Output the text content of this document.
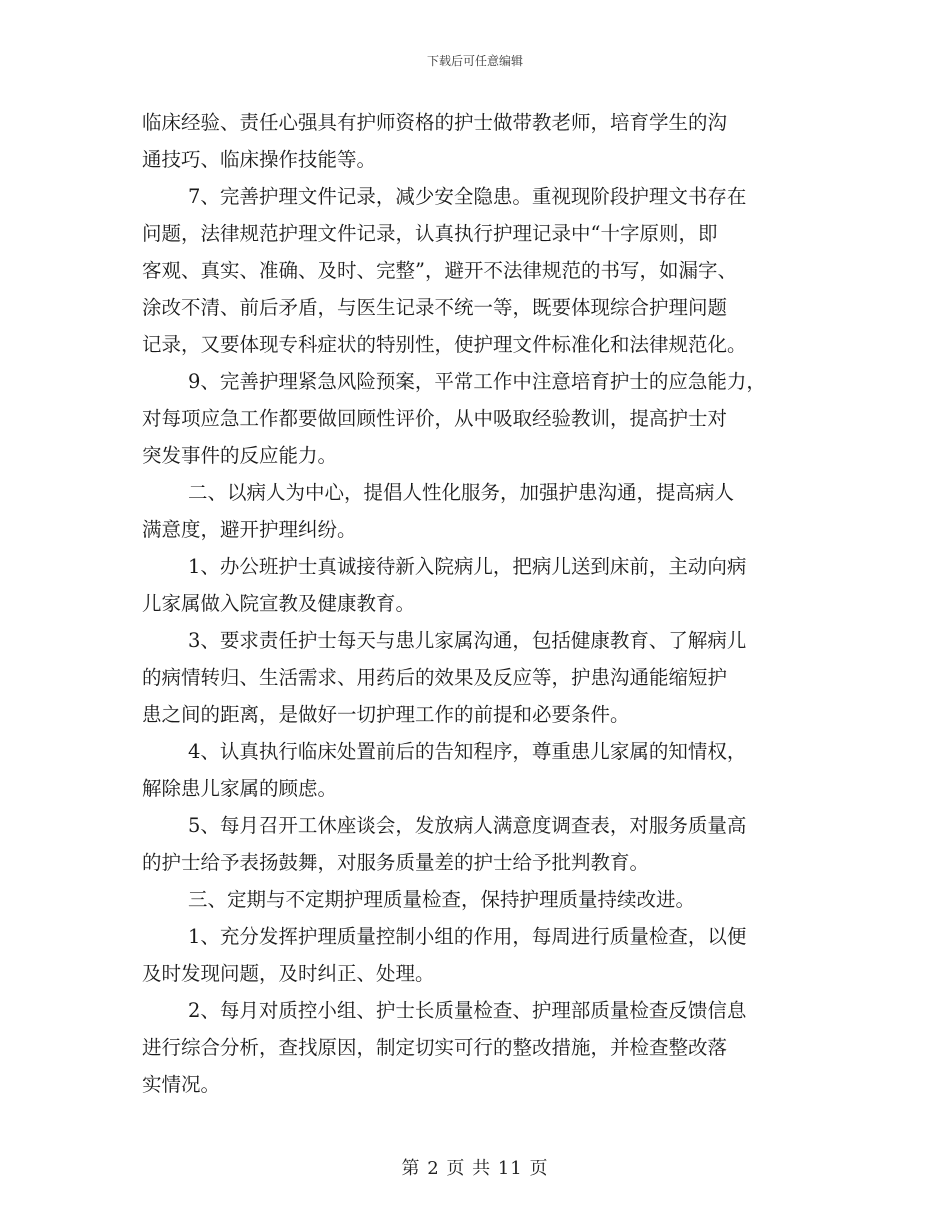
下载后可任意编辑
临床经验、责任心强具有护师资格的护士做带教老师，培育学生的沟
通技巧、临床操作技能等。
7、完善护理文件记录，减少安全隐患。重视现阶段护理文书存在
问题，法律规范护理文件记录，认真执行护理记录中“十字原则，即
客观、真实、准确、及时、完整”，避开不法律规范的书写，如漏字、
涂改不清、前后矛盾，与医生记录不统一等，既要体现综合护理问题
记录，又要体现专科症状的特别性，使护理文件标准化和法律规范化。
9、完善护理紧急风险预案，平常工作中注意培育护士的应急能力，
对每项应急工作都要做回顾性评价，从中吸取经验教训，提高护士对
突发事件的反应能力。
二、以病人为中心，提倡人性化服务，加强护患沟通，提高病人
满意度，避开护理纠纷。
1、办公班护士真诚接待新入院病儿，把病儿送到床前，主动向病
儿家属做入院宣教及健康教育。
3、要求责任护士每天与患儿家属沟通，包括健康教育、了解病儿
的病情转归、生活需求、用药后的效果及反应等，护患沟通能缩短护
患之间的距离，是做好一切护理工作的前提和必要条件。
4、认真执行临床处置前后的告知程序，尊重患儿家属的知情权，
解除患儿家属的顾虑。
5、每月召开工休座谈会，发放病人满意度调查表，对服务质量高
的护士给予表扬鼓舞，对服务质量差的护士给予批判教育。
三、定期与不定期护理质量检查，保持护理质量持续改进。
1、充分发挥护理质量控制小组的作用，每周进行质量检查，以便
及时发现问题，及时纠正、处理。
2、每月对质控小组、护士长质量检查、护理部质量检查反馈信息
进行综合分析，查找原因，制定切实可行的整改措施，并检查整改落
实情况。
第 2 页 共 11 页
